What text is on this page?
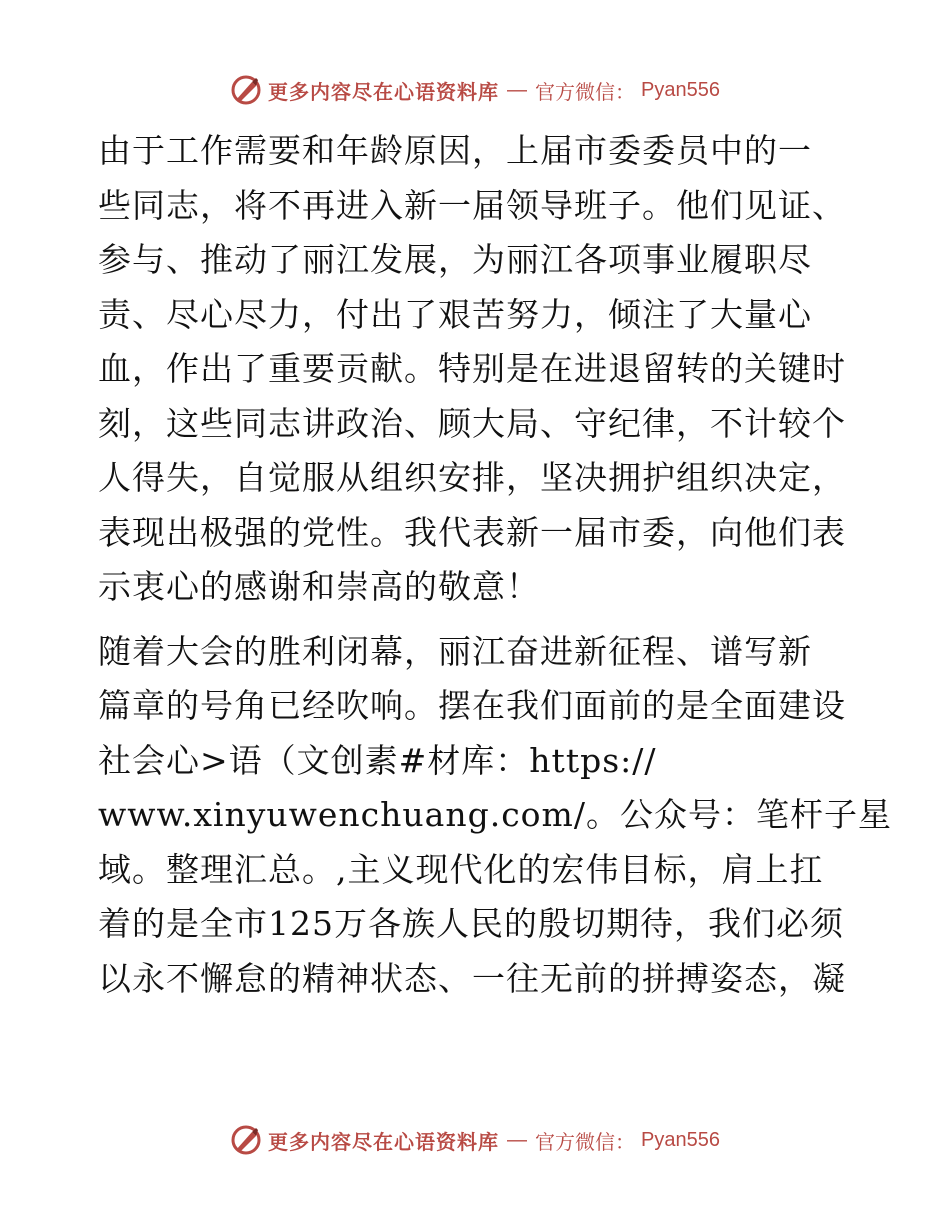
更多内容尽在心语资料库 — 官方微信： Pyan556
由于工作需要和年龄原因，上届市委委员中的一
些同志，将不再进入新一届领导班子。他们见证、
参与、推动了丽江发展，为丽江各项事业履职尽
责、尽心尽力，付出了艰苦努力，倾注了大量心
血，作出了重要贡献。特别是在进退留转的关键时
刻，这些同志讲政治、顾大局、守纪律，不计较个
人得失，自觉服从组织安排，坚决拥护组织决定，
表现出极强的党性。我代表新一届市委，向他们表
示衷心的感谢和崇高的敬意！
随着大会的胜利闭幕，丽江奋进新征程、谱写新
篇章的号角已经吹响。摆在我们面前的是全面建设
社会心>语（文创素#材库：https://
www.xinyuwenchuang.com/。公众号：笔杆子星
域。整理汇总。,主义现代化的宏伟目标，肩上扛
着的是全市125万各族人民的殷切期待，我们必须
以永不懈怠的精神状态、一往无前的拼搏姿态，凝
更多内容尽在心语资料库 — 官方微信： Pyan556
